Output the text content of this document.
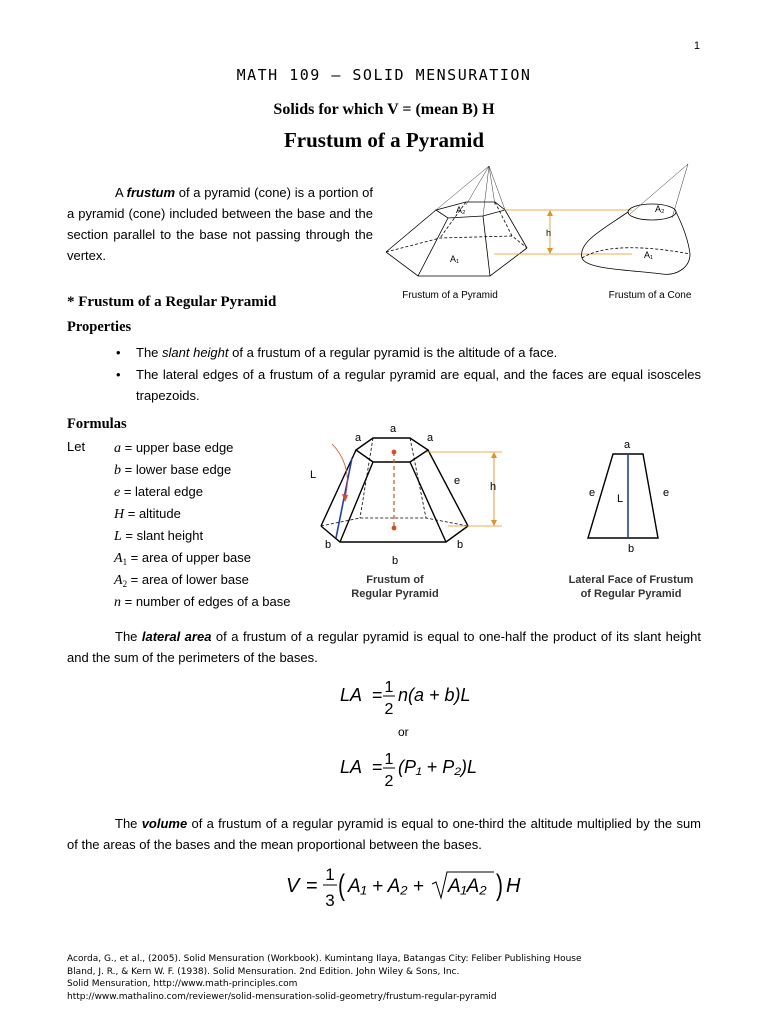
1
MATH 109 – SOLID MENSURATION
Solids for which V = (mean B) H
Frustum of a Pyramid
A frustum of a pyramid (cone) is a portion of a pyramid (cone) included between the base and the section parallel to the base not passing through the vertex.
A₂
A₁
h
A₂
A₁
Frustum of a Pyramid	Frustum of a Cone
* Frustum of a Regular Pyramid
Properties
• The slant height of a frustum of a regular pyramid is the altitude of a face.
• The lateral edges of a frustum of a regular pyramid are equal, and the faces are equal isosceles trapezoids.
Formulas
Let a = upper base edge
b = lower base edge
e = lateral edge
H = altitude
L = slant height
$A_1$ = area of upper base
$A_2$ = area of lower base
n = number of edges of a base
a
a	a
L	e	h
b	b
b
Frustum of
Regular Pyramid
a
e	e
L
b
Lateral Face of Frustum
of Regular Pyramid
The lateral area of a frustum of a regular pyramid is equal to one-half the product of its slant height and the sum of the perimeters of the bases.
LA = 1
2
n(a + b)L
or
LA = 1
2
(P₁ + P₂)L
The volume of a frustum of a regular pyramid is equal to one-third the altitude multiplied by the sum of the areas of the bases and the mean proportional between the bases.
V =
1
3 ( A₁ + A₂ + A₁A₂ ) H
Acorda, G., et al., (2005). Solid Mensuration (Workbook). Kumintang Ilaya, Batangas City: Feliber Publishing House
Bland, J. R., & Kern W. F. (1938). Solid Mensuration. 2nd Edition. John Wiley & Sons, Inc.
Solid Mensuration, http://www.math-principles.com
http://www.mathalino.com/reviewer/solid-mensuration-solid-geometry/frustum-regular-pyramid
